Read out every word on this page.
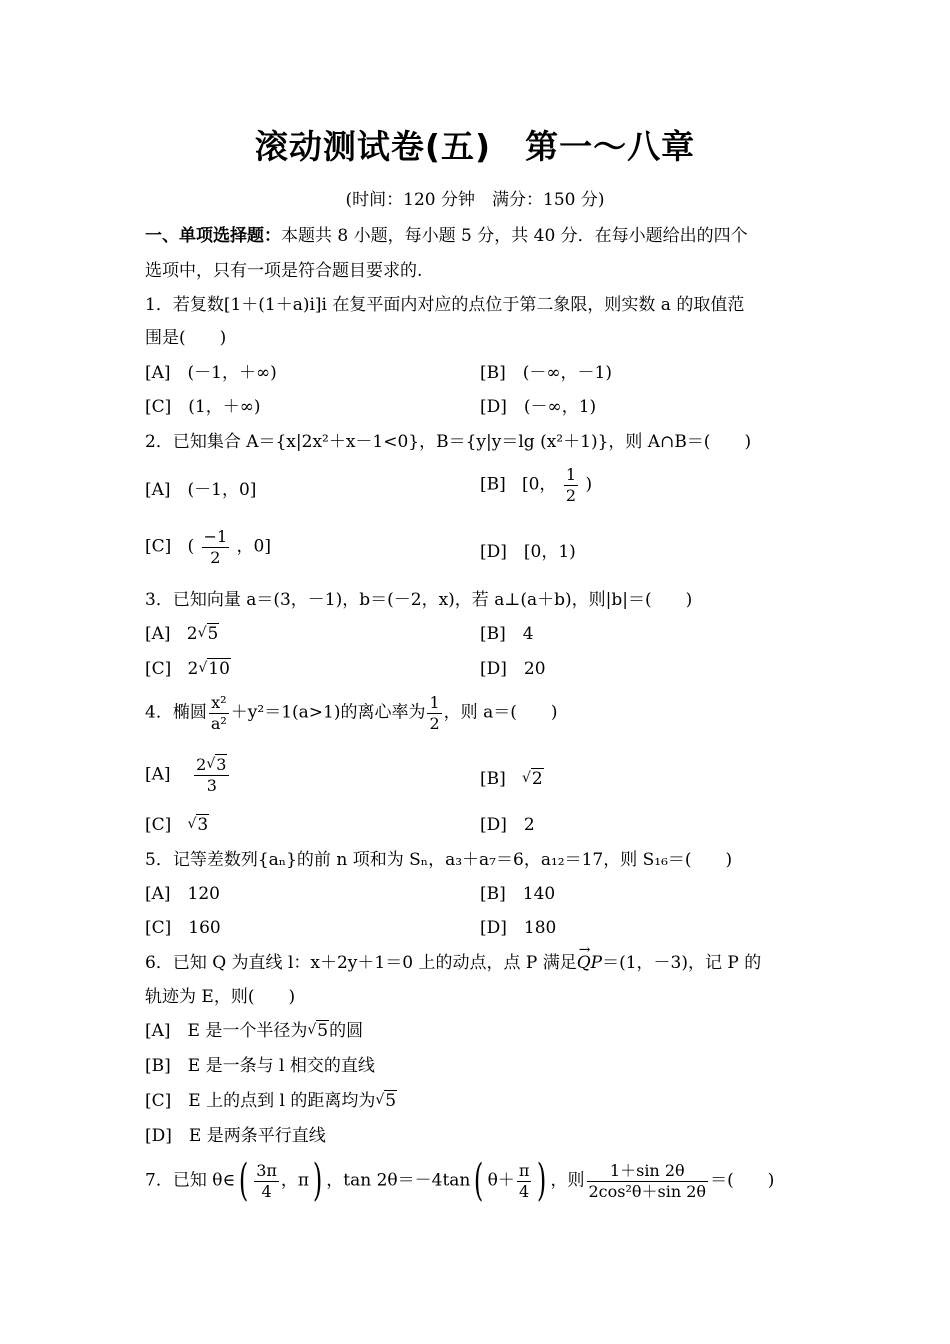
滚动测试卷(五)　第一～八章
(时间：120 分钟　满分：150 分)
一、单项选择题：本题共 8 小题，每小题 5 分，共 40 分．在每小题给出的四个
选项中，只有一项是符合题目要求的.
1．若复数[1＋(1＋a)i]i 在复平面内对应的点位于第二象限，则实数 a 的取值范
围是(　　)
[A]　(－1，＋∞)	[B]　(－∞，－1)
[C]　(1，＋∞)	[D]　(－∞，1)
2．已知集合 A＝{x|2x²＋x－1<0}，B＝{y|y＝lg (x²＋1)}，则 A∩B＝(　　)
[A]　(－1，0]	[B] [0， $\frac{1}{2}$ )
[C] ( $\frac{-1}{2}$ ，0]	[D]　[0，1)
3．已知向量 a＝(3，－1)，b＝(－2，x)，若 a⊥(a＋b)，则|b|＝(　　)
[A] 2√5	[B]　4
[C] 2√10	[D]　20
4．椭圆 $\frac{\text{x²}}{\text{a²}} +y^2=1(a>1)$的离心率为 $\frac{1}{2}$ ，则 a＝(　　)
$[A] \frac{2√3}{3}$	[B] √2
[C] √3	[D]　2
5．记等差数列{aₙ}的前 n 项和为 Sₙ，a₃＋a₇＝6，a₁₂＝17，则 S₁₆＝(　　)
[A]　120	[B]　140
[C]　160	[D]　180
6．已知 Q 为直线 l：x＋2y＋1＝0 上的动点，点 P 满足→ QP＝(1，－3)，记 P 的
轨迹为 E，则(　　)
[A]　E 是一个半径为√5的圆
[B]　E 是一条与 l 相交的直线
[C]　E 上的点到 l 的距离均为√5
[D]　E 是两条平行直线
7．已知 θ∈( $\frac{3\pi}{4}$ ，π) ，tan 2θ＝－4tan( $\theta+ \frac{\pi}{4}$ ) ，则 $\frac{1+\sin 2\theta}{\text{2cos²θ＋sin 2θ}}$ ＝(　　)
